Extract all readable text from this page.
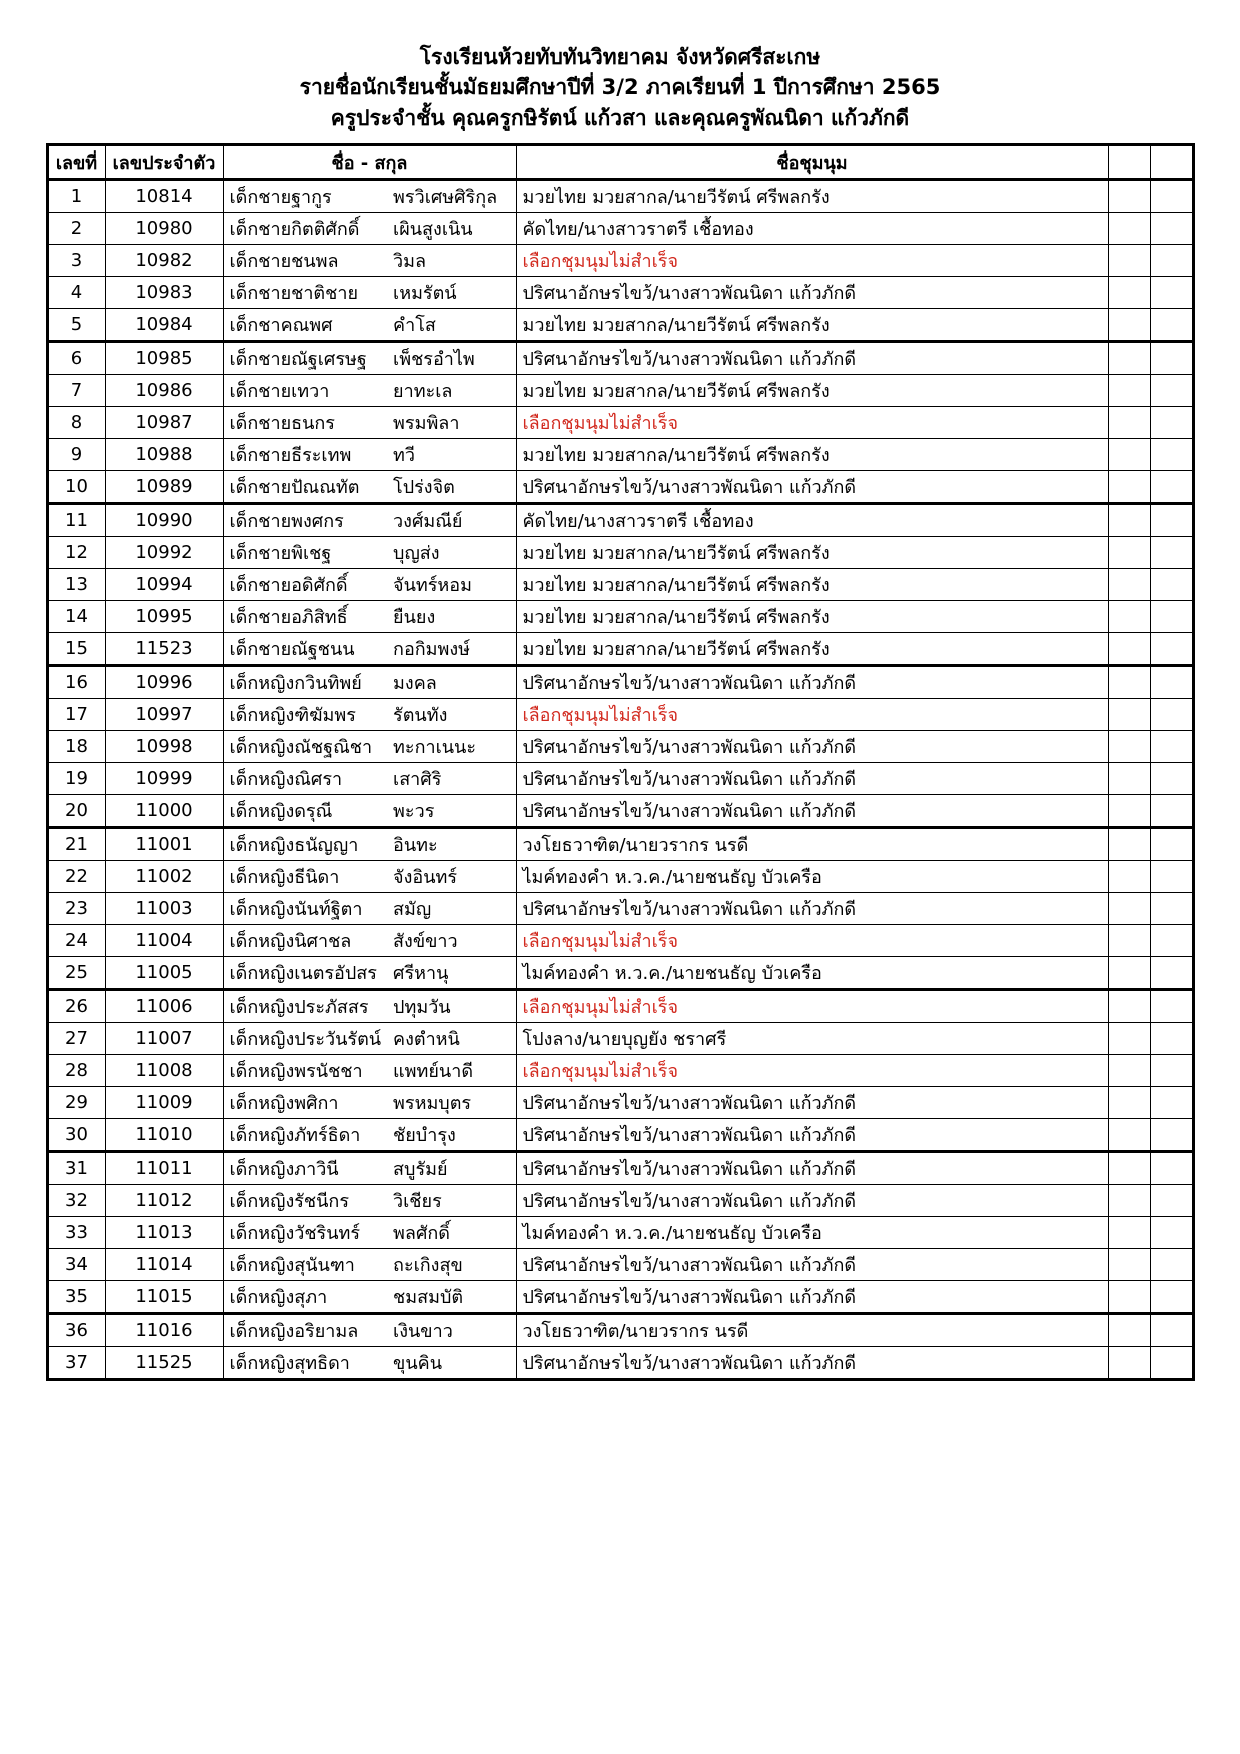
โรงเรียนห้วยทับทันวิทยาคม จังหวัดศรีสะเกษ
รายชื่อนักเรียนชั้นมัธยมศึกษาปีที่ 3/2 ภาคเรียนที่ 1 ปีการศึกษา 2565
ครูประจำชั้น คุณครูกษิรัตน์ แก้วสา และคุณครูพัณนิดา แก้วภักดี
เลขที่	เลขประจำตัว	ชื่อ - สกุล	ชื่อชุมนุม		
1	10814	เด็กชายฐากูร พรวิเศษศิริกุล	มวยไทย มวยสากล/นายวีรัตน์ ศรีพลกรัง		
2	10980	เด็กชายกิตติศักดิ์ เผินสูงเนิน	คัดไทย/นางสาวราตรี เชื้อทอง		
3	10982	เด็กชายชนพล วิมล	เลือกชุมนุมไม่สำเร็จ		
4	10983	เด็กชายชาติชาย เหมรัตน์	ปริศนาอักษรไขว้/นางสาวพัณนิดา แก้วภักดี		
5	10984	เด็กชาคณพศ คำโส	มวยไทย มวยสากล/นายวีรัตน์ ศรีพลกรัง		
6	10985	เด็กชายณัฐเศรษฐ เพ็ชรอำไพ	ปริศนาอักษรไขว้/นางสาวพัณนิดา แก้วภักดี		
7	10986	เด็กชายเทวา ยาทะเล	มวยไทย มวยสากล/นายวีรัตน์ ศรีพลกรัง		
8	10987	เด็กชายธนกร พรมพิลา	เลือกชุมนุมไม่สำเร็จ		
9	10988	เด็กชายธีระเทพ ทวี	มวยไทย มวยสากล/นายวีรัตน์ ศรีพลกรัง		
10	10989	เด็กชายปัณณทัต โปร่งจิต	ปริศนาอักษรไขว้/นางสาวพัณนิดา แก้วภักดี		
11	10990	เด็กชายพงศกร วงศ์มณีย์	คัดไทย/นางสาวราตรี เชื้อทอง		
12	10992	เด็กชายพิเชฐ บุญส่ง	มวยไทย มวยสากล/นายวีรัตน์ ศรีพลกรัง		
13	10994	เด็กชายอดิศักดิ์ จันทร์หอม	มวยไทย มวยสากล/นายวีรัตน์ ศรีพลกรัง		
14	10995	เด็กชายอภิสิทธิ์ ยืนยง	มวยไทย มวยสากล/นายวีรัตน์ ศรีพลกรัง		
15	11523	เด็กชายณัฐชนน กอกิมพงษ์	มวยไทย มวยสากล/นายวีรัตน์ ศรีพลกรัง		
16	10996	เด็กหญิงกวินทิพย์ มงคล	ปริศนาอักษรไขว้/นางสาวพัณนิดา แก้วภักดี		
17	10997	เด็กหญิงฑิฆัมพร รัตนทัง	เลือกชุมนุมไม่สำเร็จ		
18	10998	เด็กหญิงณัชฐณิชา ทะกาเนนะ	ปริศนาอักษรไขว้/นางสาวพัณนิดา แก้วภักดี		
19	10999	เด็กหญิงณิศรา เสาศิริ	ปริศนาอักษรไขว้/นางสาวพัณนิดา แก้วภักดี		
20	11000	เด็กหญิงดรุณี พะวร	ปริศนาอักษรไขว้/นางสาวพัณนิดา แก้วภักดี		
21	11001	เด็กหญิงธนัญญา อินทะ	วงโยธวาฑิต/นายวรากร นรดี		
22	11002	เด็กหญิงธีนิดา จังอินทร์	ไมค์ทองคำ ห.ว.ค./นายชนธัญ บัวเครือ		
23	11003	เด็กหญิงนันท์ฐิตา สมัญ	ปริศนาอักษรไขว้/นางสาวพัณนิดา แก้วภักดี		
24	11004	เด็กหญิงนิศาชล สังข์ขาว	เลือกชุมนุมไม่สำเร็จ		
25	11005	เด็กหญิงเนตรอัปสร ศรีหานุ	ไมค์ทองคำ ห.ว.ค./นายชนธัญ บัวเครือ		
26	11006	เด็กหญิงประภัสสร ปทุมวัน	เลือกชุมนุมไม่สำเร็จ		
27	11007	เด็กหญิงประวันรัตน์ คงตำหนิ	โปงลาง/นายบุญยัง ชราศรี		
28	11008	เด็กหญิงพรนัชชา แพทย์นาดี	เลือกชุมนุมไม่สำเร็จ		
29	11009	เด็กหญิงพศิกา พรหมบุตร	ปริศนาอักษรไขว้/นางสาวพัณนิดา แก้วภักดี		
30	11010	เด็กหญิงภัทร์ธิดา ชัยบำรุง	ปริศนาอักษรไขว้/นางสาวพัณนิดา แก้วภักดี		
31	11011	เด็กหญิงภาวินี สบูรัมย์	ปริศนาอักษรไขว้/นางสาวพัณนิดา แก้วภักดี		
32	11012	เด็กหญิงรัชนีกร วิเชียร	ปริศนาอักษรไขว้/นางสาวพัณนิดา แก้วภักดี		
33	11013	เด็กหญิงวัชรินทร์ พลศักดิ์	ไมค์ทองคำ ห.ว.ค./นายชนธัญ บัวเครือ		
34	11014	เด็กหญิงสุนันฑา ถะเกิงสุข	ปริศนาอักษรไขว้/นางสาวพัณนิดา แก้วภักดี		
35	11015	เด็กหญิงสุภา ชมสมบัติ	ปริศนาอักษรไขว้/นางสาวพัณนิดา แก้วภักดี		
36	11016	เด็กหญิงอริยามล เงินขาว	วงโยธวาฑิต/นายวรากร นรดี		
37	11525	เด็กหญิงสุทธิดา ขุนคิน	ปริศนาอักษรไขว้/นางสาวพัณนิดา แก้วภักดี		
